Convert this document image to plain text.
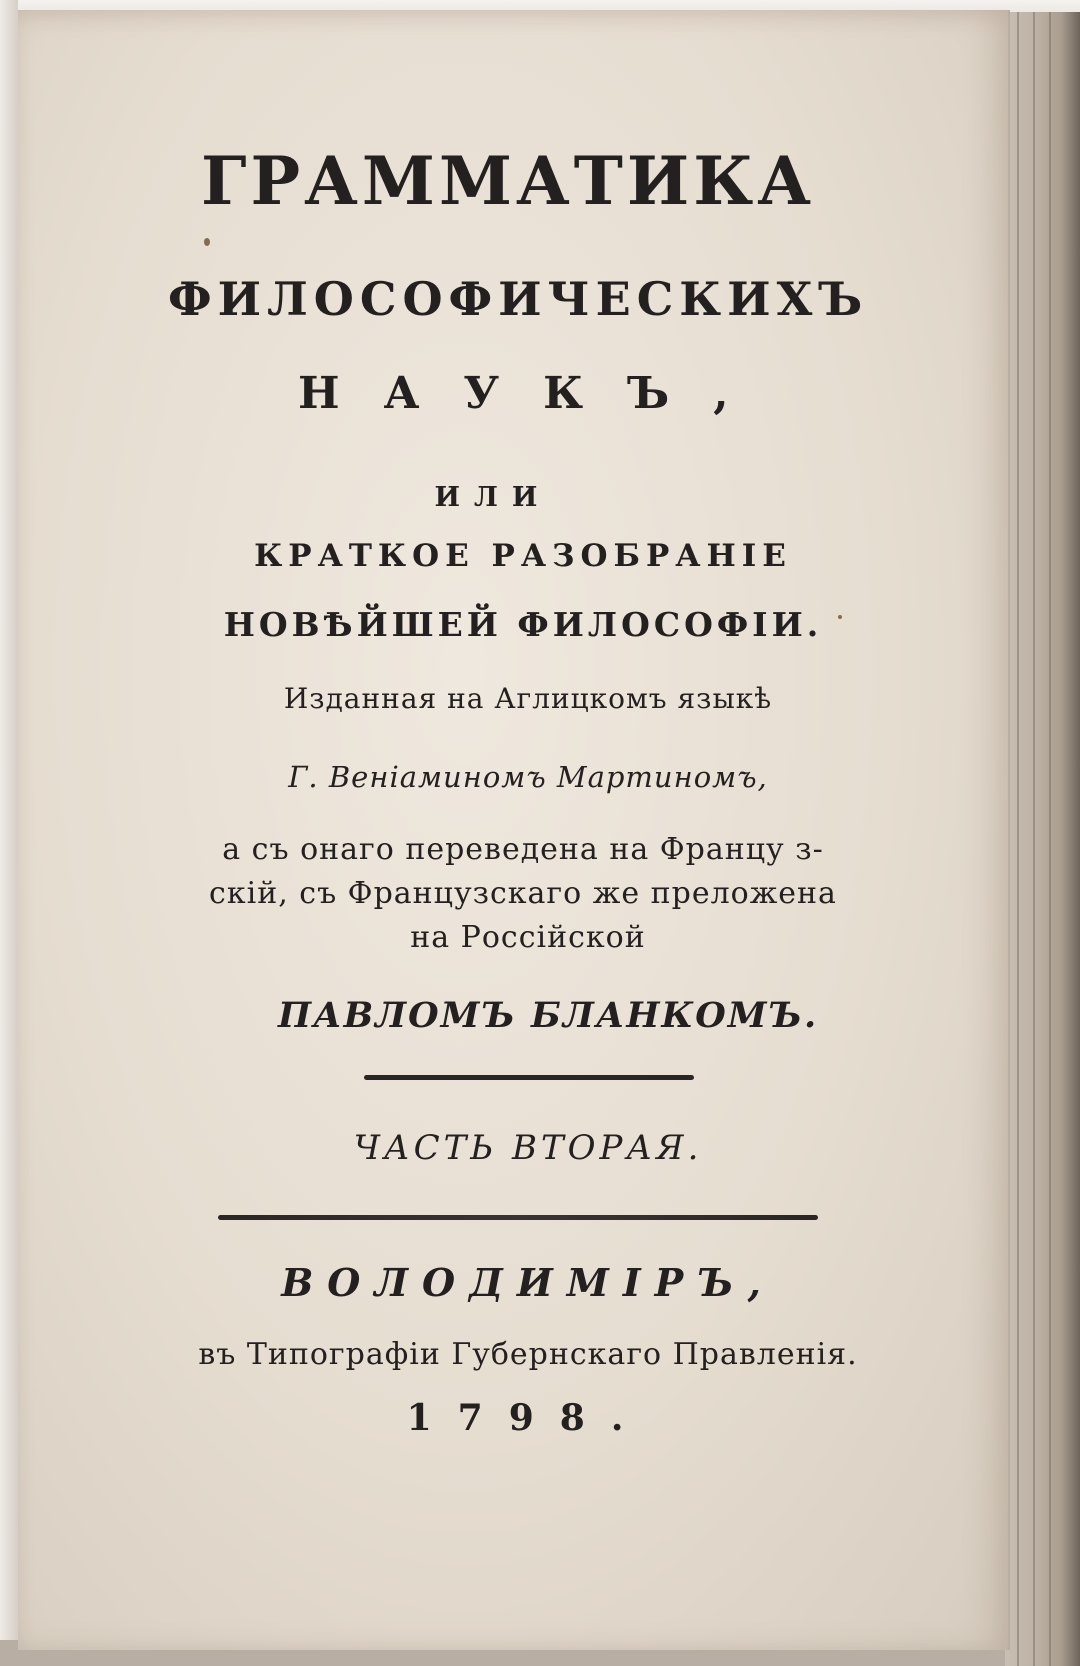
ГРАММАТИКА
ФИЛОСОФИЧЕСКИХЪ
НАУКЪ,
ИЛИ
КРАТКОЕ РАЗОБРАНІЕ
НОВѢЙШЕЙ ФИЛОСОФІИ.
Изданная на Аглицкомъ языкѣ
Г. Веніаминомъ Мартиномъ,
а съ онаго переведена на Францу з-
скій, съ Французскаго же преложена
на Россійской
ПАВЛОМЪ БЛАНКОМЪ.
ЧАСТЬ ВТОРАЯ.
ВОЛОДИМІРЪ,
въ Типографіи Губернскаго Правленія.
1798.
